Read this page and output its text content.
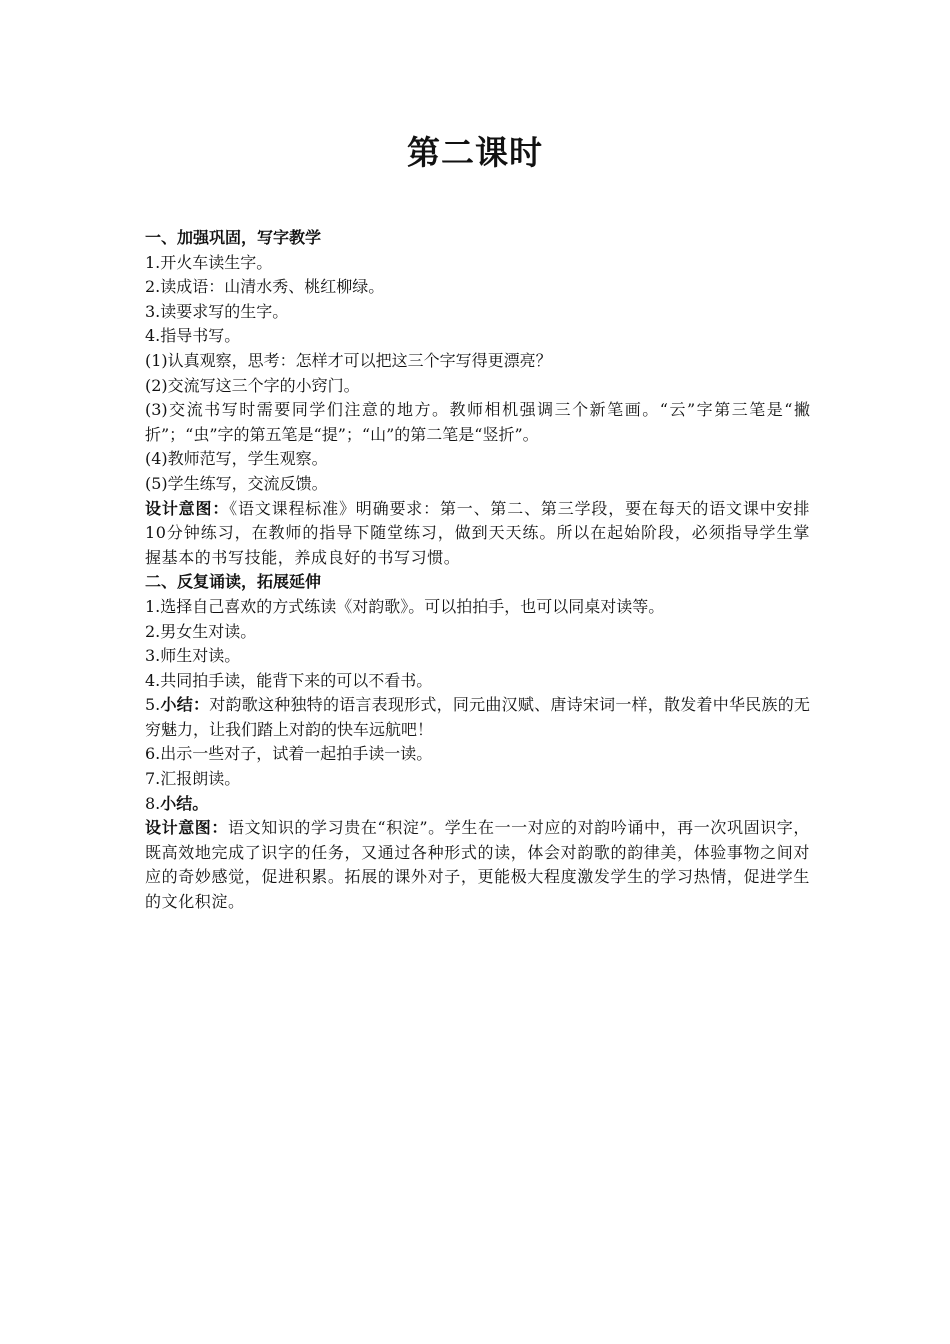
第二课时

一、加强巩固，写字教学

1.开火车读生字。

2.读成语：山清水秀、桃红柳绿。

3.读要求写的生字。

4.指导书写。

(1)认真观察，思考：怎样才可以把这三个字写得更漂亮？

(2)交流写这三个字的小窍门。

(3)交流书写时需要同学们注意的地方。教师相机强调三个新笔画。“云”字第三笔是“撇折”；“虫”字的第五笔是“提”；“山”的第二笔是“竖折”。

(4)教师范写，学生观察。

(5)学生练写，交流反馈。

设计意图：《语文课程标准》明确要求：第一、第二、第三学段，要在每天的语文课中安排10分钟练习，在教师的指导下随堂练习，做到天天练。所以在起始阶段，必须指导学生掌握基本的书写技能，养成良好的书写习惯。

二、反复诵读，拓展延伸

1.选择自己喜欢的方式练读《对韵歌》。可以拍拍手，也可以同桌对读等。

2.男女生对读。

3.师生对读。

4.共同拍手读，能背下来的可以不看书。

5.小结：对韵歌这种独特的语言表现形式，同元曲汉赋、唐诗宋词一样，散发着中华民族的无穷魅力，让我们踏上对韵的快车远航吧！

6.出示一些对子，试着一起拍手读一读。

7.汇报朗读。

8.小结。

设计意图：语文知识的学习贵在“积淀”。学生在一一对应的对韵吟诵中，再一次巩固识字，既高效地完成了识字的任务，又通过各种形式的读，体会对韵歌的韵律美，体验事物之间对应的奇妙感觉，促进积累。拓展的课外对子，更能极大程度激发学生的学习热情，促进学生的文化积淀。
